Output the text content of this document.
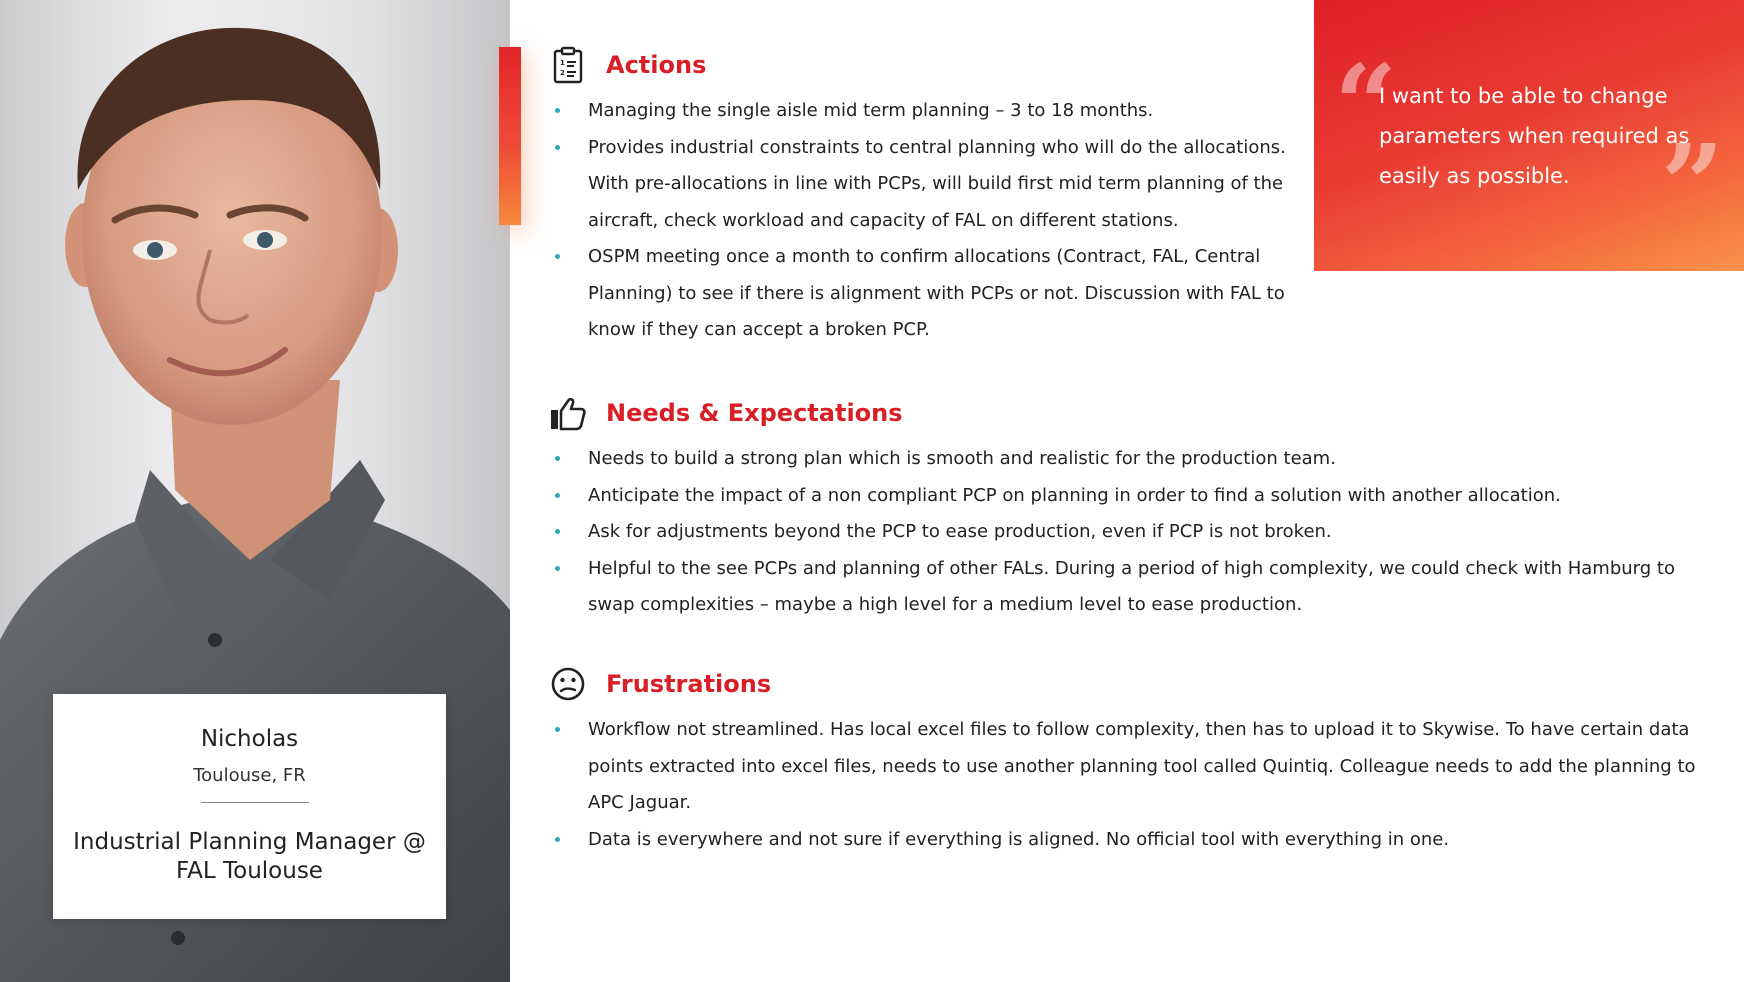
Nicholas
Toulouse, FR
Industrial Planning Manager @ FAL Toulouse
“
I want to be able to change parameters when required as easily as possible. ”
1
2 Actions
Managing the single aisle mid term planning – 3 to 18 months.
Provides industrial constraints to central planning who will do the allocations. With pre-allocations in line with PCPs, will build first mid term planning of the aircraft, check workload and capacity of FAL on different stations.
OSPM meeting once a month to confirm allocations (Contract, FAL, Central Planning) to see if there is alignment with PCPs or not. Discussion with FAL to know if they can accept a broken PCP.
Needs & Expectations
Needs to build a strong plan which is smooth and realistic for the production team.
Anticipate the impact of a non compliant PCP on planning in order to find a solution with another allocation.
Ask for adjustments beyond the PCP to ease production, even if PCP is not broken.
Helpful to the see PCPs and planning of other FALs. During a period of high complexity, we could check with Hamburg to swap complexities – maybe a high level for a medium level to ease production.
Frustrations
Workflow not streamlined. Has local excel files to follow complexity, then has to upload it to Skywise. To have certain data points extracted into excel files, needs to use another planning tool called Quintiq. Colleague needs to add the planning to APC Jaguar.
Data is everywhere and not sure if everything is aligned. No official tool with everything in one.
